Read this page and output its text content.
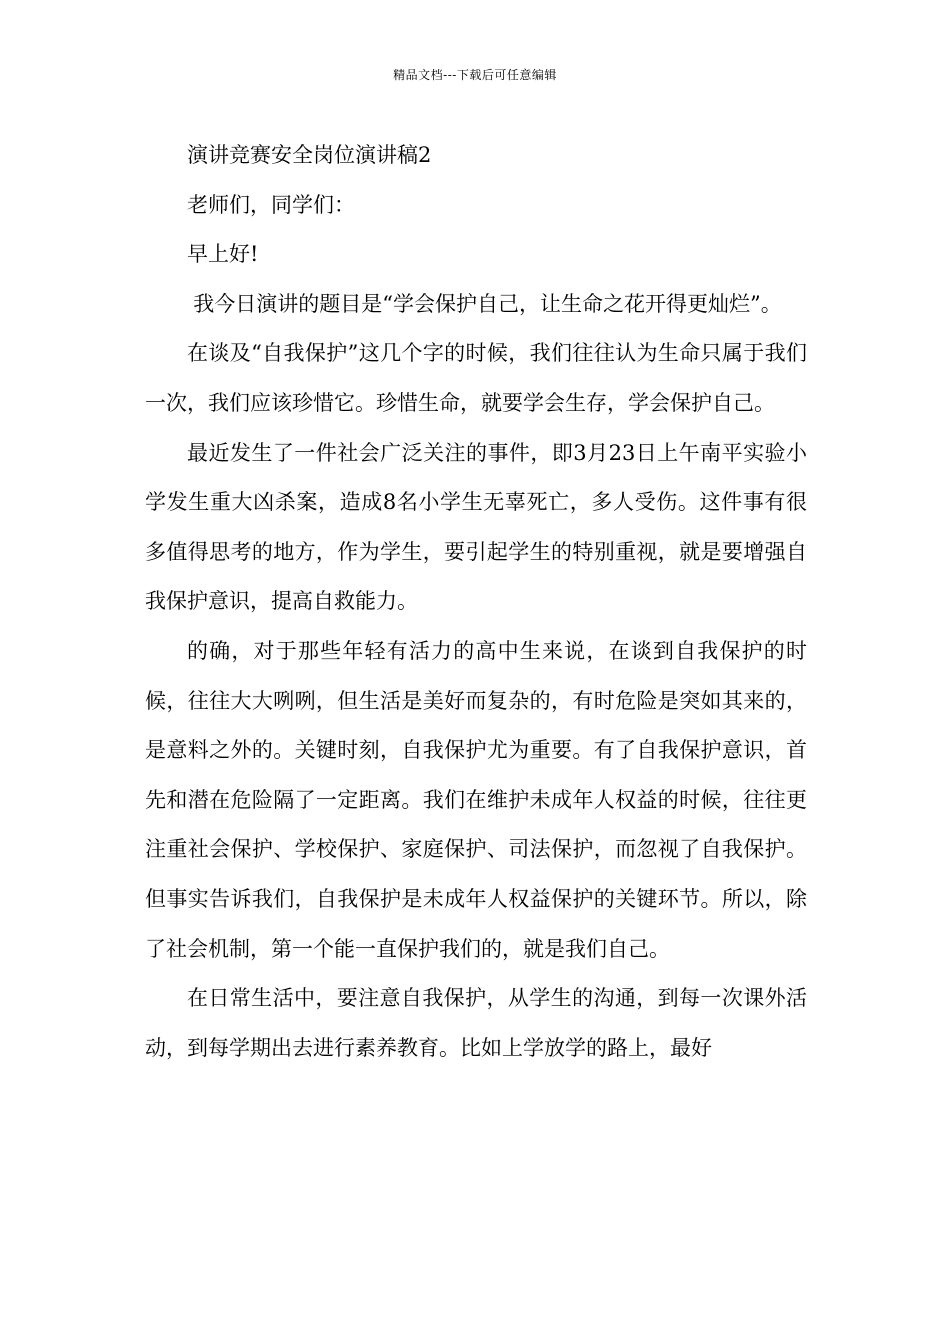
精品文档---下载后可任意编辑

演讲竞赛安全岗位演讲稿2

老师们，同学们：

早上好!

我今日演讲的题目是“学会保护自己，让生命之花开得更灿烂”。

在谈及“自我保护”这几个字的时候，我们往往认为生命只属于我们一次，我们应该珍惜它。珍惜生命，就要学会生存，学会保护自己。

最近发生了一件社会广泛关注的事件，即3月23日上午南平实验小学发生重大凶杀案，造成8名小学生无辜死亡，多人受伤。这件事有很多值得思考的地方，作为学生，要引起学生的特别重视，就是要增强自我保护意识，提高自救能力。

的确，对于那些年轻有活力的高中生来说，在谈到自我保护的时候，往往大大咧咧，但生活是美好而复杂的，有时危险是突如其来的，是意料之外的。关键时刻，自我保护尤为重要。有了自我保护意识，首先和潜在危险隔了一定距离。我们在维护未成年人权益的时候，往往更注重社会保护、学校保护、家庭保护、司法保护，而忽视了自我保护。但事实告诉我们，自我保护是未成年人权益保护的关键环节。所以，除了社会机制，第一个能一直保护我们的，就是我们自己。

在日常生活中，要注意自我保护，从学生的沟通，到每一次课外活动，到每学期出去进行素养教育。比如上学放学的路上，最好
